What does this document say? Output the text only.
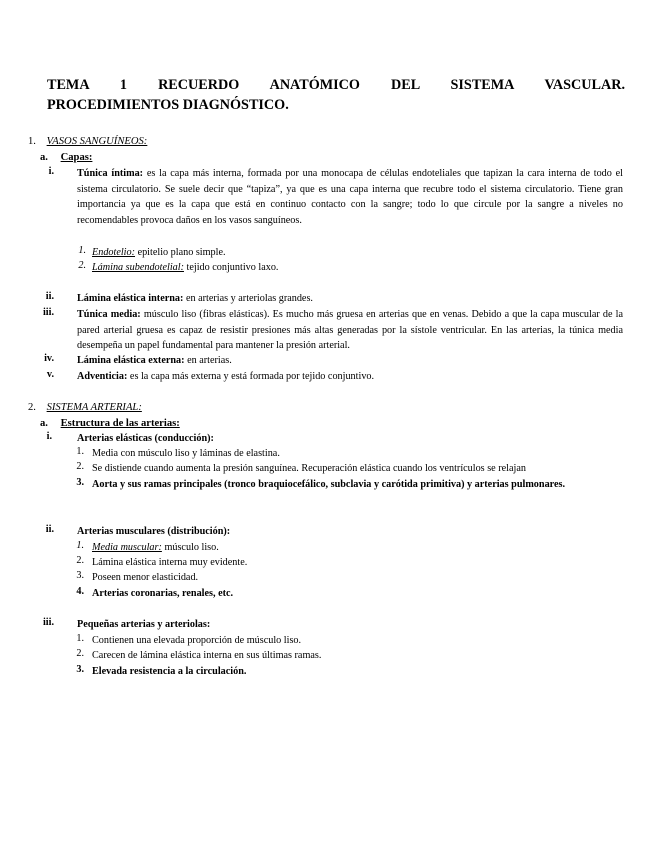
TEMA 1 RECUERDO ANATÓMICO DEL SISTEMA VASCULAR.
PROCEDIMIENTOS DIAGNÓSTICO.
1. VASOS SANGUÍNEOS:
a. Capas:
i. Túnica íntima: es la capa más interna, formada por una monocapa de células endoteliales que tapizan la cara interna de todo el sistema circulatorio. Se suele decir que “tapiza”, ya que es una capa interna que recubre todo el sistema circulatorio. Tiene gran importancia ya que es la capa que está en continuo contacto con la sangre; todo lo que circule por la sangre a niveles no recomendables provoca daños en los vasos sanguíneos.
1. Endotelio: epitelio plano simple.
2. Lámina subendotelial: tejido conjuntivo laxo.
ii. Lámina elástica interna: en arterias y arteriolas grandes.
iii. Túnica media: músculo liso (fibras elásticas). Es mucho más gruesa en arterias que en venas. Debido a que la capa muscular de la pared arterial gruesa es capaz de resistir presiones más altas generadas por la sístole ventricular. En las arterias, la túnica media desempeña un papel fundamental para mantener la presión arterial.
iv. Lámina elástica externa: en arterias.
v. Adventicia: es la capa más externa y está formada por tejido conjuntivo.
2. SISTEMA ARTERIAL:
a. Estructura de las arterias:
i. Arterias elásticas (conducción):
1. Media con músculo liso y láminas de elastina.
2. Se distiende cuando aumenta la presión sanguínea. Recuperación elástica cuando los ventrículos se relajan
3. Aorta y sus ramas principales (tronco braquiocefálico, subclavia y carótida primitiva) y arterias pulmonares.
ii. Arterias musculares (distribución):
1. Media muscular: músculo liso.
2. Lámina elástica interna muy evidente.
3. Poseen menor elasticidad.
4. Arterias coronarias, renales, etc.
iii. Pequeñas arterias y arteriolas:
1. Contienen una elevada proporción de músculo liso.
2. Carecen de lámina elástica interna en sus últimas ramas.
3. Elevada resistencia a la circulación.
